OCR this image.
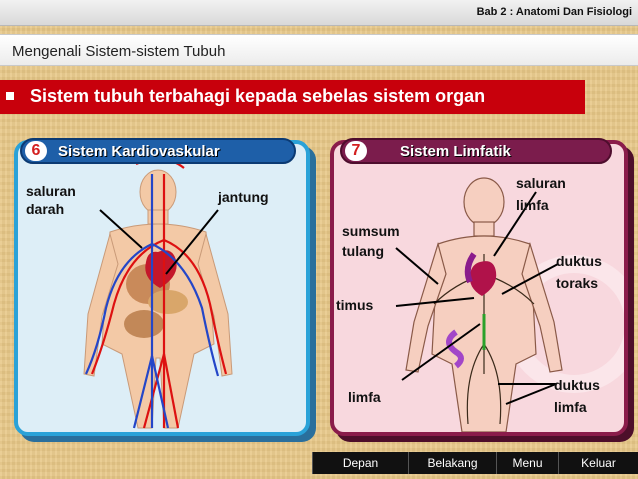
Bab 2 : Anatomi Dan Fisiologi
Mengenali Sistem-sistem Tubuh
Sistem tubuh terbahagi kepada sebelas sistem organ
6	Sistem Kardiovaskular
saluran
darah
jantung
7	Sistem Limfatik
saluran
limfa
sumsum
tulang
duktus
toraks
timus
limfa
duktus
limfa
Depan	Belakang	Menu	Keluar
